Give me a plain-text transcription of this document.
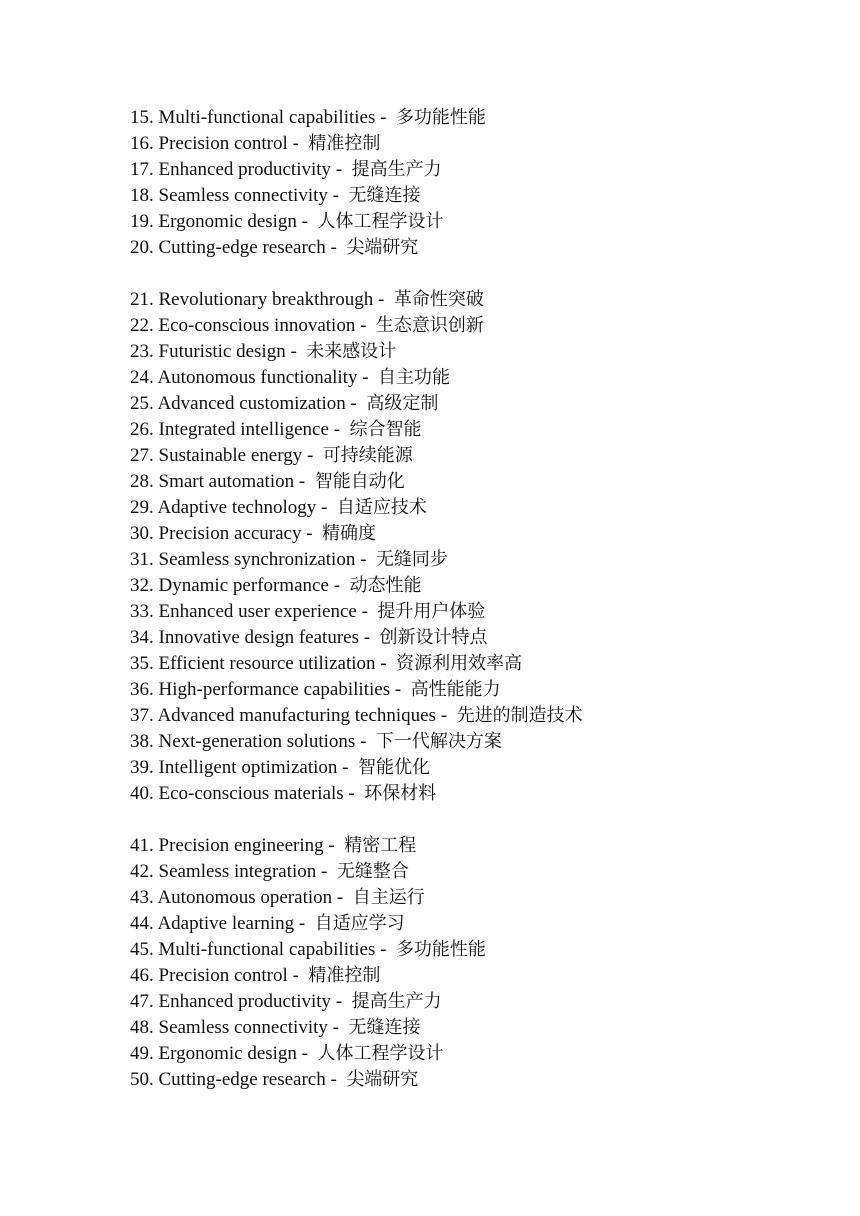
15. Multi-functional capabilities - 多功能性能
16. Precision control - 精准控制
17. Enhanced productivity - 提高生产力
18. Seamless connectivity - 无缝连接
19. Ergonomic design - 人体工程学设计
20. Cutting-edge research - 尖端研究
21. Revolutionary breakthrough - 革命性突破
22. Eco-conscious innovation - 生态意识创新
23. Futuristic design - 未来感设计
24. Autonomous functionality - 自主功能
25. Advanced customization - 高级定制
26. Integrated intelligence - 综合智能
27. Sustainable energy - 可持续能源
28. Smart automation - 智能自动化
29. Adaptive technology - 自适应技术
30. Precision accuracy - 精确度
31. Seamless synchronization - 无缝同步
32. Dynamic performance - 动态性能
33. Enhanced user experience - 提升用户体验
34. Innovative design features - 创新设计特点
35. Efficient resource utilization - 资源利用效率高
36. High-performance capabilities - 高性能能力
37. Advanced manufacturing techniques - 先进的制造技术
38. Next-generation solutions - 下一代解决方案
39. Intelligent optimization - 智能优化
40. Eco-conscious materials - 环保材料
41. Precision engineering - 精密工程
42. Seamless integration - 无缝整合
43. Autonomous operation - 自主运行
44. Adaptive learning - 自适应学习
45. Multi-functional capabilities - 多功能性能
46. Precision control - 精准控制
47. Enhanced productivity - 提高生产力
48. Seamless connectivity - 无缝连接
49. Ergonomic design - 人体工程学设计
50. Cutting-edge research - 尖端研究
